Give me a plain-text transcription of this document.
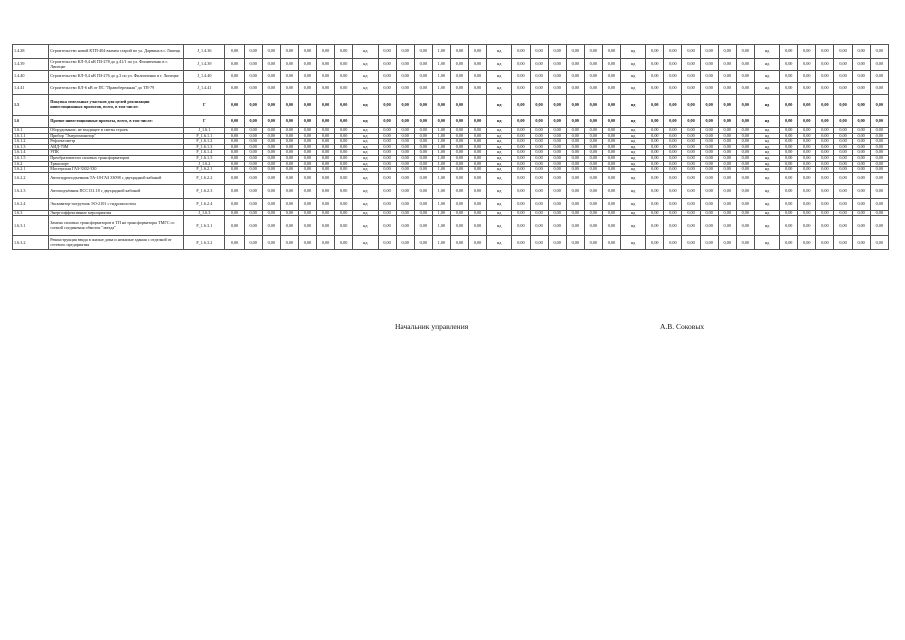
1.4.28	Строительство новой КТП-404 взамен старой по ул. Дарвина в г. Липецк	J_1.4.36	0,00	0,00	0,00	0,00	0,00	0,00	0,00	нд	0,00	0,00	0,00	1,00	0,00	0,00	нд	0,00	0,00	0,00	0,00	0,00	0,00	нд	0,00	0,00	0,00	0,00	0,00	0,00	нд	0,00	0,00	0,00	0,00	0,00	0,00
1.4.39	Строительство КЛ-0,4 кВ ПЗ-278 до д.41/1 по ул. Филипченко в г. Липецке	J_1.4.39	0,00	0,00	0,00	0,00	0,00	0,00	0,00	нд	0,00	0,00	0,00	1,00	0,00	0,00	нд	0,00	0,00	0,00	0,00	0,00	0,00	нд	0,00	0,00	0,00	0,00	0,00	0,00	нд	0,00	0,00	0,00	0,00	0,00	0,00
1.4.40	Строительство КЛ-0,4 кВ ПЗ-276 до д.3 по ул. Филипченко в г. Липецке	J_1.4.40	0,00	0,00	0,00	0,00	0,00	0,00	0,00	нд	0,00	0,00	0,00	1,00	0,00	0,00	нд	0,00	0,00	0,00	0,00	0,00	0,00	нд	0,00	0,00	0,00	0,00	0,00	0,00	нд	0,00	0,00	0,00	0,00	0,00	0,00
1.4.41	Строительство КЛ-6 кВ от ПС "Правобережная" до ТП-79	J_1.4.41	0,00	0,00	0,00	0,00	0,00	0,00	0,00	нд	0,00	0,00	0,00	1,00	0,00	0,00	нд	0,00	0,00	0,00	0,00	0,00	0,00	нд	0,00	0,00	0,00	0,00	0,00	0,00	нд	0,00	0,00	0,00	0,00	0,00	0,00
1.5	Покупка земельных участков для целей реализации инвестиционных проектов, всего, в том числе:	Г	0,00	0,00	0,00	0,00	0,00	0,00	0,00	нд	0,00	0,00	0,00	0,00	0,00		нд	0,00	0,00	0,00	0,00	0,00	0,00	нд	0,00	0,00	0,00	0,00	0,00	0,00	нд	0,00	0,00	0,00	0,00	0,00	0,00
1.6	Прочие инвестиционные проекты, всего, в том числе:	Г	0,00	0,00	0,00	0,00	0,00	0,00	0,00	нд	0,00	0,00	0,00	0,00	0,00	0,00	нд	0,00	0,00	0,00	0,00	0,00	0,00	нд	0,00	0,00	0,00	0,00	0,00	0,00	нд	0,00	0,00	0,00	0,00	0,00	0,00
1.6.1	Оборудование, не входящее в сметы строек	J_1.6.1	0,00	0,00	0,00	0,00	0,00	0,00	0,00	нд	0,00	0,00	0,00	1,00	0,00	0,00	нд	0,00	0,00	0,00	0,00	0,00	0,00	нд	0,00	0,00	0,00	0,00	0,00	0,00	нд	0,00	0,00	0,00	0,00	0,00	0,00
1.6.1.1	Прибор "Энергомонитор"	F_1.6.1.1	0,00	0,00	0,00	0,00	0,00	0,00	0,00	нд	0,00	0,00	0,00	1,00	0,00	0,00	нд	0,00	0,00	0,00	0,00	0,00	0,00	нд	0,00	0,00	0,00	0,00	0,00	0,00	нд	0,00	0,00	0,00	0,00	0,00	0,00
1.6.1.2	Рефлектометр	F_1.6.1.2	0,00	0,00	0,00	0,00	0,00	0,00	0,00	нд	0,00	0,00	0,00	1,00	0,00	0,00	нд	0,00	0,00	0,00	0,00	0,00	0,00	нд	0,00	0,00	0,00	0,00	0,00	0,00	нд	0,00	0,00	0,00	0,00	0,00	0,00
1.6.1.3	АИД-70М	F_1.6.1.3	0,00	0,00	0,00	0,00	0,00	0,00	0,00	нд	0,00	0,00	0,00	1,00	0,00	0,00	нд	0,00	0,00	0,00	0,00	0,00	0,00	нд	0,00	0,00	0,00	0,00	0,00	0,00	нд	0,00	0,00	0,00	0,00	0,00	0,00
1.6.1.4	УПК	F_1.6.1.4	0,00	0,00	0,00	0,00	0,00	0,00	0,00	нд	0,00	0,00	0,00	1,00	0,00	0,00	нд	0,00	0,00	0,00	0,00	0,00	0,00	нд	0,00	0,00	0,00	0,00	0,00	0,00	нд	0,00	0,00	0,00	0,00	0,00	0,00
1.6.1.5	Преобразователи силовых трансформаторов	F_1.6.1.5	0,00	0,00	0,00	0,00	0,00	0,00	0,00	нд	0,00	0,00	0,00	1,00	0,00	0,00	нд	0,00	0,00	0,00	0,00	0,00	0,00	нд	0,00	0,00	0,00	0,00	0,00	0,00	нд	0,00	0,00	0,00	0,00	0,00	0,00
1.6.2	Транспорт	J_1.6.2	0,00	0,00	0,00	0,00	0,00	0,00	0,00	нд	0,00	0,00	0,00	1,00	0,00	0,00	нд	0,00	0,00	0,00	0,00	0,00	0,00	нд	0,00	0,00	0,00	0,00	0,00	0,00	нд	0,00	0,00	0,00	0,00	0,00	0,00
1.6.2.1	Мастерская ГАЗ-3302-330	F_1.6.2.1	0,00	0,00	0,00	0,00	0,00	0,00	0,00	нд	0,00	0,00	0,00	1,00	0,00	0,00	нд	0,00	0,00	0,00	0,00	0,00	0,00	нд	0,00	0,00	0,00	0,00	0,00	0,00	нд	0,00	0,00	0,00	0,00	0,00	0,00
1.6.2.2	Автогидроподъемник ТА-18-ГАЗ 33098 с двухрядной кабиной	F_1.6.2.2	0,00	0,00	0,00	0,00	0,00	0,00	0,00	нд	0,00	0,00	0,00	1,00	0,00	0,00	нд	0,00	0,00	0,00	0,00	0,00	0,00	нд	0,00	0,00	0,00	0,00	0,00	0,00	нд	0,00	0,00	0,00	0,00	0,00	0,00
1.6.2.3	Автоподъёмник ПСС131.18 с двухрядной кабиной	F_1.6.2.3	0,00	0,00	0,00	0,00	0,00	0,00	0,00	нд	0,00	0,00	0,00	1,00	0,00	0,00	нд	0,00	0,00	0,00	0,00	0,00	0,00	нд	0,00	0,00	0,00	0,00	0,00	0,00	нд	0,00	0,00	0,00	0,00	0,00	0,00
1.6.2.4	Экскаватор-погрузчик ЭО-2101 с гидромолотом	F_1.6.2.4	0,00	0,00	0,00	0,00	0,00	0,00	0,00	нд	0,00	0,00	0,00	1,00	0,00	0,00	нд	0,00	0,00	0,00	0,00	0,00	0,00	нд	0,00	0,00	0,00	0,00	0,00	0,00	нд	0,00	0,00	0,00	0,00	0,00	0,00
1.6.3	Энергоэффективные мероприятия	J_1.6.3	0,00	0,00	0,00	0,00	0,00	0,00	0,00	нд	0,00	0,00	0,00	1,00	0,00	0,00	нд	0,00	0,00	0,00	0,00	0,00	0,00	нд	0,00	0,00	0,00	0,00	0,00	0,00	нд	0,00	0,00	0,00	0,00	0,00	0,00
1.6.3.1	Замена силовых трансформаторов в ТП на трансформаторы ТМГС со схемой соединения обмоток "звезда"	F_1.6.3.1	0,00	0,00	0,00	0,00	0,00	0,00	0,00	нд	0,00	0,00	0,00	1,00	0,00	0,00	нд	0,00	0,00	0,00	0,00	0,00	0,00	нд	0,00	0,00	0,00	0,00	0,00	0,00	нд	0,00	0,00	0,00	0,00	0,00	0,00
1.6.3.2	Реконструкция ввода в жилые дома и нежилые здания с отделкой от сетевого предприятия	F_1.6.3.2	0,00	0,00	0,00	0,00	0,00	0,00	0,00	нд	0,00	0,00	0,00	1,00	0,00	0,00	нд	0,00	0,00	0,00	0,00	0,00	0,00	нд	0,00	0,00	0,00	0,00	0,00	0,00	нд	0,00	0,00	0,00	0,00	0,00	0,00
Начальник управления	А.В. Соковых
